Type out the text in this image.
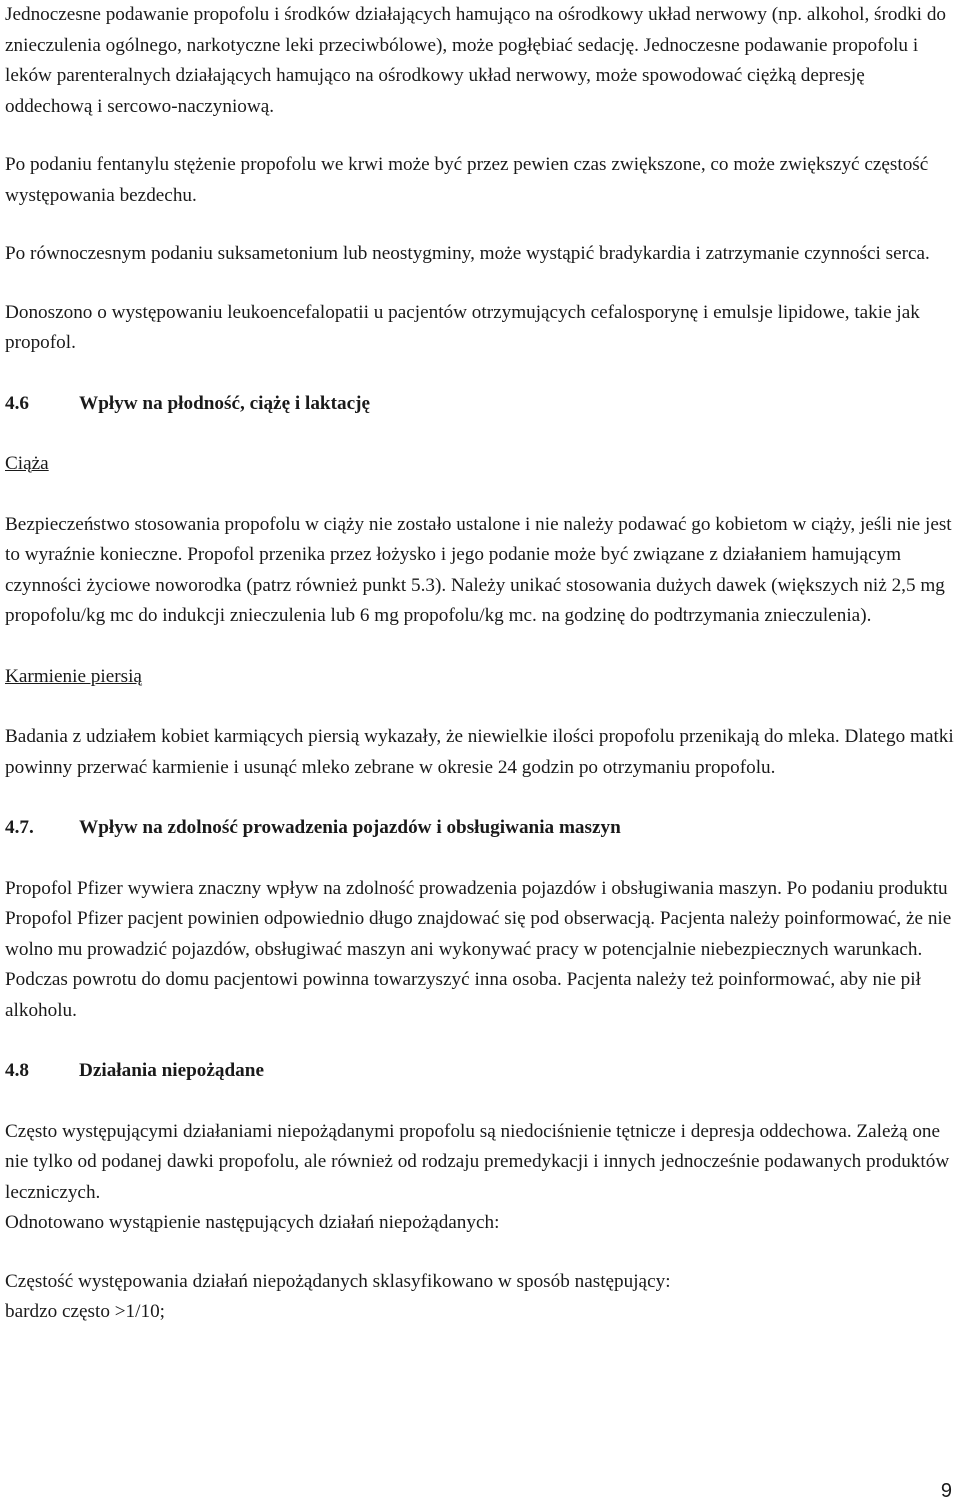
Jednoczesne podawanie propofolu i środków działających hamująco na ośrodkowy układ nerwowy (np. alkohol, środki do znieczulenia ogólnego, narkotyczne leki przeciwbólowe), może pogłębiać sedację. Jednoczesne podawanie propofolu i leków parenteralnych działających hamująco na ośrodkowy układ nerwowy, może spowodować ciężką depresję oddechową i sercowo-naczyniową.

Po podaniu fentanylu stężenie propofolu we krwi może być przez pewien czas zwiększone, co może zwiększyć częstość występowania bezdechu.

Po równoczesnym podaniu suksametonium lub neostygminy, może wystąpić bradykardia i zatrzymanie czynności serca.

Donoszono o występowaniu leukoencefalopatii u pacjentów otrzymujących cefalosporynę i emulsje lipidowe, takie jak propofol.

4.6	Wpływ na płodność, ciążę i laktację

Ciąża

Bezpieczeństwo stosowania propofolu w ciąży nie zostało ustalone i nie należy podawać go kobietom w ciąży, jeśli nie jest to wyraźnie konieczne. Propofol przenika przez łożysko i jego podanie może być związane z działaniem hamującym czynności życiowe noworodka (patrz również punkt 5.3). Należy unikać stosowania dużych dawek (większych niż 2,5 mg propofolu/kg mc do indukcji znieczulenia lub 6 mg propofolu/kg mc. na godzinę do podtrzymania znieczulenia).

Karmienie piersią

Badania z udziałem kobiet karmiących piersią wykazały, że niewielkie ilości propofolu przenikają do mleka. Dlatego matki powinny przerwać karmienie i usunąć mleko zebrane w okresie 24 godzin po otrzymaniu propofolu.

4.7.	Wpływ na zdolność prowadzenia pojazdów i obsługiwania maszyn

Propofol Pfizer wywiera znaczny wpływ na zdolność prowadzenia pojazdów i obsługiwania maszyn. Po podaniu produktu Propofol Pfizer pacjent powinien odpowiednio długo znajdować się pod obserwacją. Pacjenta należy poinformować, że nie wolno mu prowadzić pojazdów, obsługiwać maszyn ani wykonywać pracy w potencjalnie niebezpiecznych warunkach. Podczas powrotu do domu pacjentowi powinna towarzyszyć inna osoba. Pacjenta należy też poinformować, aby nie pił alkoholu.

4.8	Działania niepożądane

Często występującymi działaniami niepożądanymi propofolu są niedociśnienie tętnicze i depresja oddechowa. Zależą one nie tylko od podanej dawki propofolu, ale również od rodzaju premedykacji i innych jednocześnie podawanych produktów leczniczych.

Odnotowano wystąpienie następujących działań niepożądanych:

Częstość występowania działań niepożądanych sklasyfikowano w sposób następujący:

bardzo często >1/10;

9
